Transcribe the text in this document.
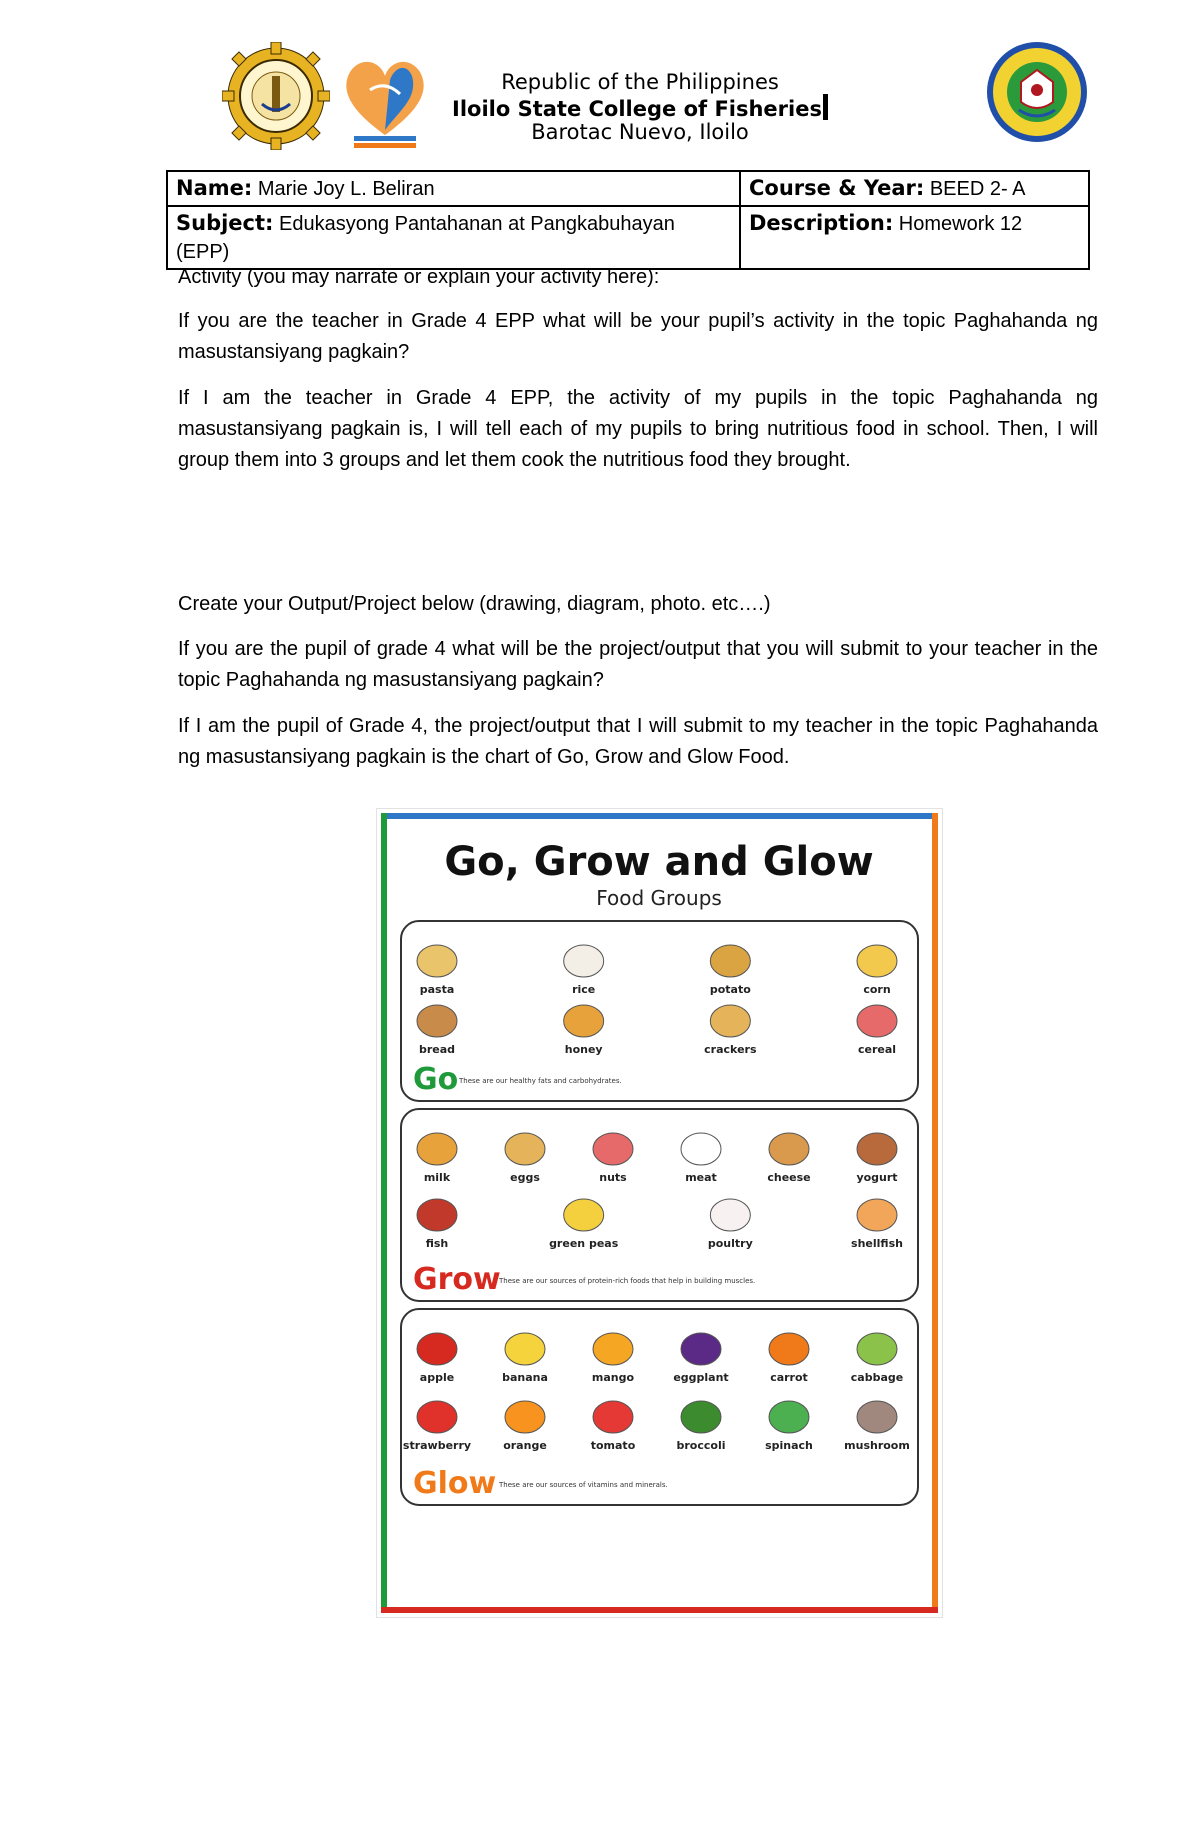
Republic of the Philippines
Iloilo State College of Fisheries
Barotac Nuevo, Iloilo
Name: Marie Joy L. Beliran	Course & Year: BEED 2- A
Subject: Edukasyong Pantahanan at Pangkabuhayan (EPP)	Description: Homework 12
Activity (you may narrate or explain your activity here):
If you are the teacher in Grade 4 EPP what will be your pupil’s activity in the topic Paghahanda ng masustansiyang pagkain?
If I am the teacher in Grade 4 EPP, the activity of my pupils in the topic Paghahanda ng masustansiyang pagkain is, I will tell each of my pupils to bring nutritious food in school. Then, I will group them into 3 groups and let them cook the nutritious food they brought.
Create your Output/Project below (drawing, diagram, photo. etc….)
If you are the pupil of grade 4 what will be the project/output that you will submit to your teacher in the topic Paghahanda ng masustansiyang pagkain?
If I am the pupil of Grade 4, the project/output that I will submit to my teacher in the topic Paghahanda ng masustansiyang pagkain is the chart of Go, Grow and Glow Food.
Go, Grow and Glow
Food Groups
pasta	rice	potato	corn
bread	honey	crackers	cereal
Go These are our healthy fats and carbohydrates.
milk	eggs	nuts	meat	cheese	yogurt
fish	green peas	poultry	shellfish
Grow
These are our sources of protein-rich foods that help in building muscles.
apple	banana	mango	eggplant	carrot	cabbage
strawberry	orange	tomato	broccoli	spinach	mushroom
Glow These are our sources of vitamins and minerals.
